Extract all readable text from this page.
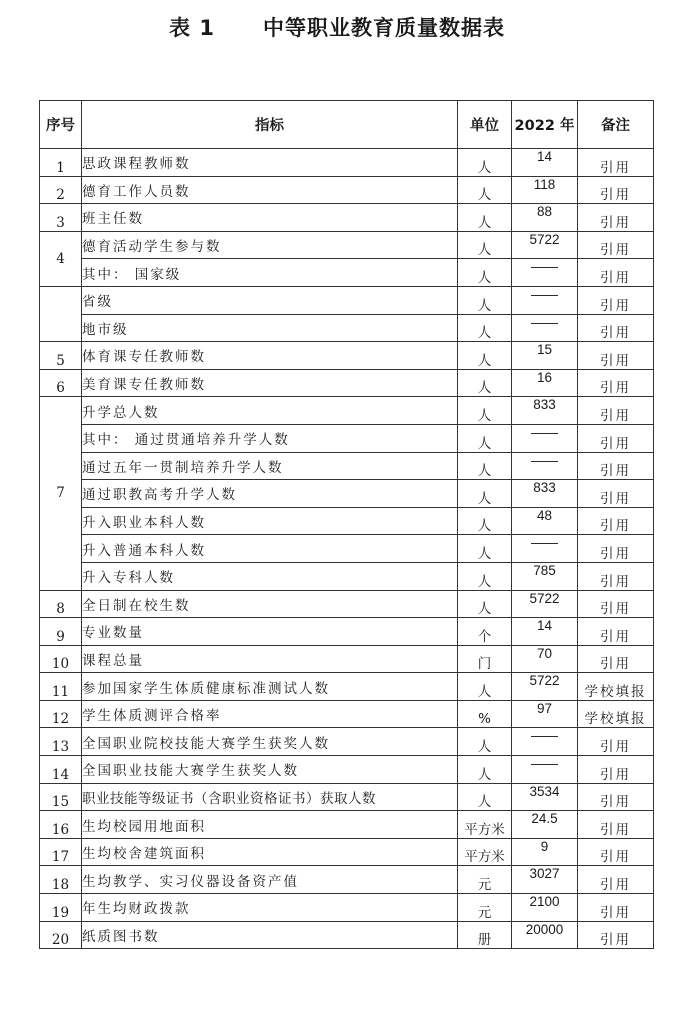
表 1 中等职业教育质量数据表
序号	指标	单位	2022 年	备注
1	思政课程教师数	人	14	引用
2	德育工作人员数	人	118	引用
3	班主任数	人	88	引用
4	德育活动学生参与数	人	5722	引用
	其中： 国家级	人	——	引用
	省级	人	——	引用
	地市级	人	——	引用
5	体育课专任教师数	人	15	引用
6	美育课专任教师数	人	16	引用
7	升学总人数	人	833	引用
	其中： 通过贯通培养升学人数	人	——	引用
	通过五年一贯制培养升学人数	人	——	引用
	通过职教高考升学人数	人	833	引用
	升入职业本科人数	人	48	引用
	升入普通本科人数	人	——	引用
	升入专科人数	人	785	引用
8	全日制在校生数	人	5722	引用
9	专业数量	个	14	引用
10	课程总量	门	70	引用
11	参加国家学生体质健康标准测试人数	人	5722	学校填报
12	学生体质测评合格率	%	97	学校填报
13	全国职业院校技能大赛学生获奖人数	人	——	引用
14	全国职业技能大赛学生获奖人数	人	——	引用
15	职业技能等级证书（含职业资格证书）获取人数	人	3534	引用
16	生均校园用地面积	平方米	24.5	引用
17	生均校舍建筑面积	平方米	9	引用
18	生均教学、实习仪器设备资产值	元	3027	引用
19	年生均财政拨款	元	2100	引用
20	纸质图书数	册	20000	引用
